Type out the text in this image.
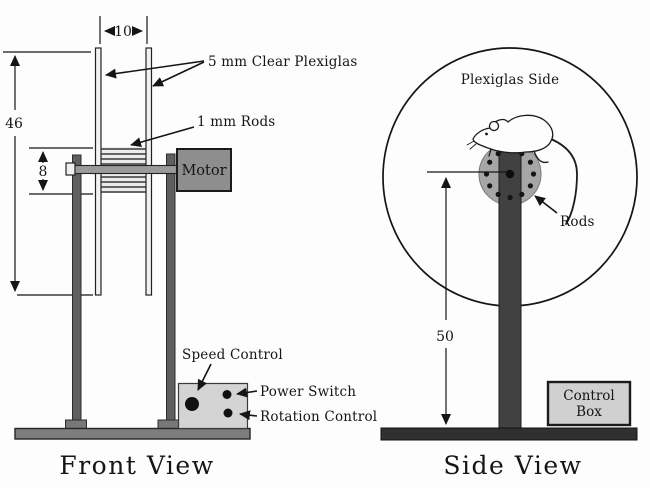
10
46
8	Motor
5 mm Clear Plexiglas
1 mm Rods
Speed Control
Power Switch
Rotation Control
Front View
Plexiglas Side
50
Rods
Control
Box
Side View
